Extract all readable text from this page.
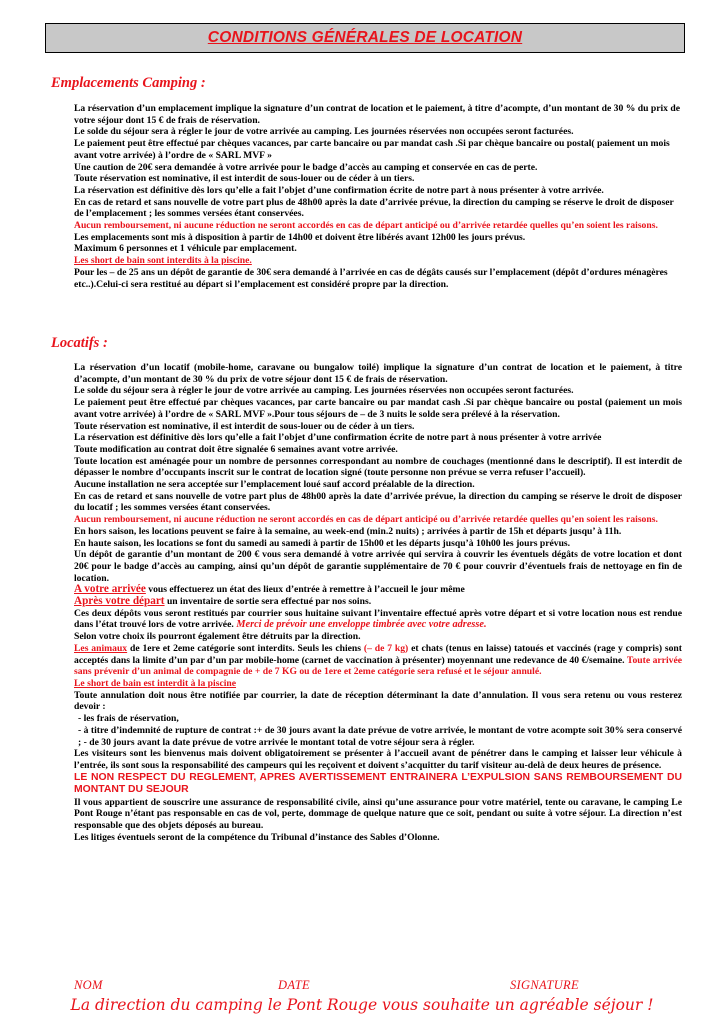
CONDITIONS GÉNÉRALES DE LOCATION
Emplacements Camping :

La réservation d’un emplacement implique la signature d’un contrat de location et le paiement, à titre d’acompte, d’un montant de 30 % du prix de votre séjour dont 15 € de frais de réservation.

Le solde du séjour sera à régler le jour de votre arrivée au camping. Les journées réservées non occupées seront facturées.

Le paiement peut être effectué par chèques vacances, par carte bancaire ou par mandat cash .Si par chèque bancaire ou postal( paiement un mois avant votre arrivée) à l’ordre de « SARL MVF »

Une caution de 20€ sera demandée à votre arrivée pour le badge d’accès au camping et conservée en cas de perte.

Toute réservation est nominative, il est interdit de sous-louer ou de céder à un tiers.

La réservation est définitive dès lors qu’elle a fait l’objet d’une confirmation écrite de notre part à nous présenter à votre arrivée.

En cas de retard et sans nouvelle de votre part plus de 48h00 après la date d’arrivée prévue, la direction du camping se réserve le droit de disposer de l’emplacement ; les sommes versées étant conservées.

Aucun remboursement, ni aucune réduction ne seront accordés en cas de départ anticipé ou d’arrivée retardée quelles qu’en soient les raisons.

Les emplacements sont mis à disposition à partir de 14h00 et doivent être libérés avant 12h00 les jours prévus.

Maximum 6 personnes et 1 véhicule par emplacement.

Les short de bain sont interdits à la piscine.

Pour les – de 25 ans un dépôt de garantie de 30€ sera demandé à l’arrivée en cas de dégâts causés sur l’emplacement (dépôt d’ordures ménagères etc..).Celui-ci sera restitué au départ si l’emplacement est considéré propre par la direction.

Locatifs :

La réservation d’un locatif (mobile-home, caravane ou bungalow toilé) implique la signature d’un contrat de location et le paiement, à titre d’acompte, d’un montant de 30 % du prix de votre séjour dont 15 € de frais de réservation.

Le solde du séjour sera à régler le jour de votre arrivée au camping. Les journées réservées non occupées seront facturées.

Le paiement peut être effectué par chèques vacances, par carte bancaire ou par mandat cash .Si par chèque bancaire ou postal (paiement un mois avant votre arrivée) à l’ordre de « SARL MVF ».Pour tous séjours de – de 3 nuits le solde sera prélevé à la réservation.

Toute réservation est nominative, il est interdit de sous-louer ou de céder à un tiers.

La réservation est définitive dès lors qu’elle a fait l’objet d’une confirmation écrite de notre part à nous présenter à votre arrivée

Toute modification au contrat doit être signalée 6 semaines avant votre arrivée.

Toute location est aménagée pour un nombre de personnes correspondant au nombre de couchages (mentionné dans le descriptif). Il est interdit de dépasser le nombre d’occupants inscrit sur le contrat de location signé (toute personne non prévue se verra refuser l’accueil).

Aucune installation ne sera acceptée sur l’emplacement loué sauf accord préalable de la direction.

En cas de retard et sans nouvelle de votre part plus de 48h00 après la date d’arrivée prévue, la direction du camping se réserve le droit de disposer du locatif ; les sommes versées étant conservées.

Aucun remboursement, ni aucune réduction ne seront accordés en cas de départ anticipé ou d’arrivée retardée quelles qu’en soient les raisons.

En hors saison, les locations peuvent se faire à la semaine, au week-end (min.2 nuits) ; arrivées à partir de 15h et départs jusqu’ à 11h.

En haute saison, les locations se font du samedi au samedi à partir de 15h00 et les départs jusqu’à 10h00 les jours prévus.

Un dépôt de garantie d’un montant de 200 € vous sera demandé à votre arrivée qui servira à couvrir les éventuels dégâts de votre location et dont 20€ pour le badge d’accès au camping, ainsi qu’un dépôt de garantie supplémentaire de 70 € pour couvrir d’éventuels frais de nettoyage en fin de location.

A votre arrivée vous effectuerez un état des lieux d’entrée à remettre à l’accueil le jour même

Après votre départ un inventaire de sortie sera effectué par nos soins.

Ces deux dépôts vous seront restitués par courrier sous huitaine suivant l’inventaire effectué après votre départ et si votre location nous est rendue dans l’état trouvé lors de votre arrivée. Merci de prévoir une enveloppe timbrée avec votre adresse.

Selon votre choix ils pourront également être détruits par la direction.

Les animaux de 1ere et 2eme catégorie sont interdits. Seuls les chiens (– de 7 kg) et chats (tenus en laisse) tatoués et vaccinés (rage y compris) sont acceptés dans la limite d’un par d’un par mobile-home (carnet de vaccination à présenter) moyennant une redevance de 40 €/semaine. Toute arrivée sans prévenir d’un animal de compagnie de + de 7 KG ou de 1ere et 2eme catégorie sera refusé et le séjour annulé.

Le short de bain est interdit à la piscine

Toute annulation doit nous être notifiée par courrier, la date de réception déterminant la date d’annulation. Il vous sera retenu ou vous resterez devoir :

- les frais de réservation,

- à titre d’indemnité de rupture de contrat :+ de 30 jours avant la date prévue de votre arrivée, le montant de votre acompte soit 30% sera conservé ; - de 30 jours avant la date prévue de votre arrivée le montant total de votre séjour sera à régler.

Les visiteurs sont les bienvenus mais doivent obligatoirement se présenter à l’accueil avant de pénétrer dans le camping et laisser leur véhicule à l’entrée, ils sont sous la responsabilité des campeurs qui les reçoivent et doivent s’acquitter du tarif visiteur au-delà de deux heures de présence.

LE NON RESPECT DU REGLEMENT, APRES AVERTISSEMENT ENTRAINERA L’EXPULSION SANS REMBOURSEMENT DU MONTANT DU SEJOUR

Il vous appartient de souscrire une assurance de responsabilité civile, ainsi qu’une assurance pour votre matériel, tente ou caravane, le camping Le Pont Rouge n’étant pas responsable en cas de vol, perte, dommage de quelque nature que ce soit, pendant ou suite à votre séjour. La direction n’est responsable que des objets déposés au bureau.

Les litiges éventuels seront de la compétence du Tribunal d’instance des Sables d’Olonne.

NOM	DATE	SIGNATURE
La direction du camping le Pont Rouge vous souhaite un agréable séjour !
